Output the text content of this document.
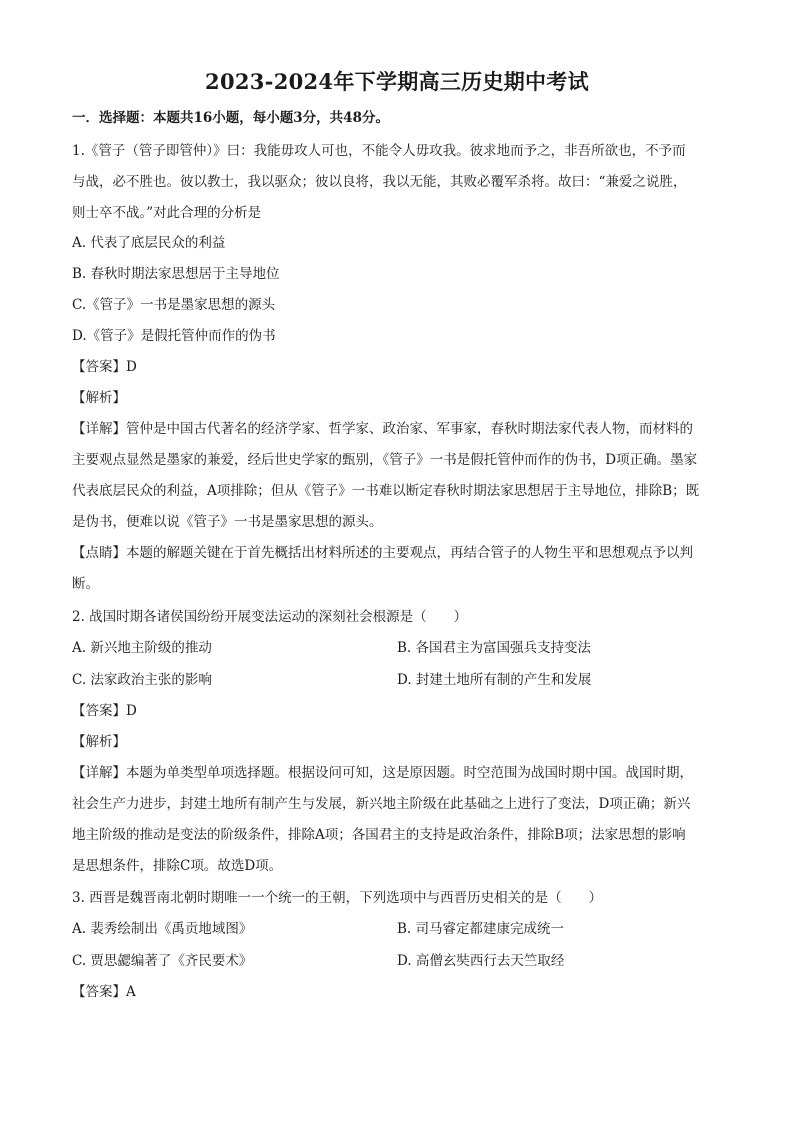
2023-2024年下学期高三历史期中考试
一．选择题：本题共16小题，每小题3分，共48分。
1.《管子（管子即管仲）》曰：我能毋攻人可也，不能令人毋攻我。彼求地而予之，非吾所欲也，不予而
与战，必不胜也。彼以教士，我以驱众；彼以良将，我以无能，其败必覆军杀将。故曰：“兼爱之说胜，
则士卒不战。”对此合理的分析是
A. 代表了底层民众的利益
B. 春秋时期法家思想居于主导地位
C.《管子》一书是墨家思想的源头
D.《管子》是假托管仲而作的伪书
【答案】D
【解析】
【详解】管仲是中国古代著名的经济学家、哲学家、政治家、军事家，春秋时期法家代表人物，而材料的
主要观点显然是墨家的兼爱，经后世史学家的甄别，《管子》一书是假托管仲而作的伪书，D项正确。墨家
代表底层民众的利益，A项排除；但从《管子》一书难以断定春秋时期法家思想居于主导地位，排除B；既
是伪书，便难以说《管子》一书是墨家思想的源头。
【点睛】本题的解题关键在于首先概括出材料所述的主要观点，再结合管子的人物生平和思想观点予以判
断。
2. 战国时期各诸侯国纷纷开展变法运动的深刻社会根源是（　　）
A. 新兴地主阶级的推动	B. 各国君主为富国强兵支持变法
C. 法家政治主张的影响	D. 封建土地所有制的产生和发展
【答案】D
【解析】
【详解】本题为单类型单项选择题。根据设问可知，这是原因题。时空范围为战国时期中国。战国时期，
社会生产力进步，封建土地所有制产生与发展，新兴地主阶级在此基础之上进行了变法，D项正确；新兴
地主阶级的推动是变法的阶级条件，排除A项；各国君主的支持是政治条件，排除B项；法家思想的影响
是思想条件，排除C项。故选D项。
3. 西晋是魏晋南北朝时期唯一一个统一的王朝，下列选项中与西晋历史相关的是（　　）
A. 裴秀绘制出《禹贡地域图》	B. 司马睿定都建康完成统一
C. 贾思勰编著了《齐民要术》	D. 高僧玄奘西行去天竺取经
【答案】A
